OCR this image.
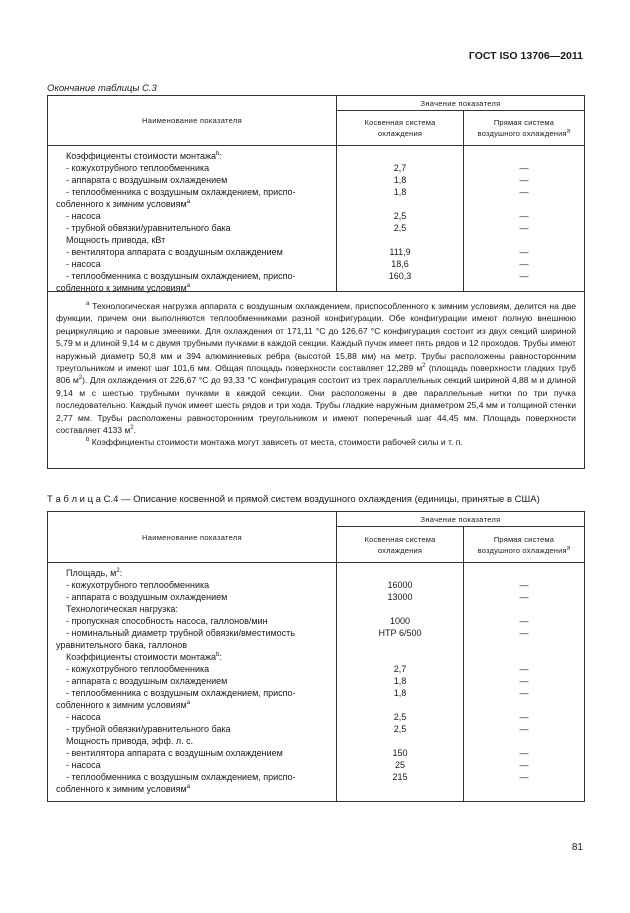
ГОСТ ISO 13706—2011
Окончание таблицы С.3
Наименование показателя
Значение показателя
Косвенная система
охлаждения
Прямая система
воздушного охлаждения$^a$
Коэффициенты стоимости монтажа$^b$:
- кожухотрубного теплообменника	2,7	—
- аппарата с воздушным охлаждением	1,8	—
- теплообменника с воздушным охлаждением, приспо-	1,8	—
собленного к зимним условиям$^a$
- насоса	2,5	—
- трубной обвязки/уравнительного бака	2,5	—
Мощность привода, кВт
- вентилятора аппарата с воздушным охлаждением	111,9	—
- насоса	18,6	—
- теплообменника с воздушным охлаждением, приспо-	160,3	—
собленного к зимним условиям$^a$

$^a$ Технологическая нагрузка аппарата с воздушным охлаждением, приспособленного к зимним условиям, делится на две функции, причем они выполняются теплообменниками разной конфигурации. Обе конфигурации имеют полную внешнюю рециркуляцию и паровые змеевики. Для охлаждения от 171,11 °C до 126,67 °C конфигурация состоит из двух секций шириной 5,79 м и длиной 9,14 м с двумя трубными пучками в каждой секции. Каждый пучок имеет пять рядов и 12 проходов. Трубы имеют наружный диаметр 50,8 мм и 394 алюминиевых ребра (высотой 15,88 мм) на метр. Трубы расположены равносторонним треугольником и имеют шаг 101,6 мм. Общая площадь поверхности составляет 12,289 $м^2$ (площадь поверхности гладких труб 806 $м^2$). Для охлаждения от 226,67 °C до 93,33 °C конфигурация состоит из трех параллельных секций шириной 4,88 м и длиной 9,14 м с шестью трубными пучками в каждой секции. Они расположены в две параллельные нитки по три пучка последовательно. Каждый пучок имеет шесть рядов и три хода. Трубы гладкие наружным диаметром 25,4 мм и толщиной стенки 2,77 мм. Трубы расположены равносторонним треугольником и имеют поперечный шаг 44,45 мм. Площадь поверхности составляет 4133 $м^2$.

$^b$ Коэффициенты стоимости монтажа могут зависеть от места, стоимости рабочей силы и т. п.

Т а б л и ц а С.4 — Описание косвенной и прямой систем воздушного охлаждения (единицы, принятые в США)
Наименование показателя
Значение показателя
Косвенная система
охлаждения
Прямая система
воздушного охлаждения$^a$
Площадь, $м^2$:
- кожухотрубного теплообменника	16000	—
- аппарата с воздушным охлаждением	13000	—
Технологическая нагрузка:
- пропускная способность насоса, галлонов/мин	1000	—
- номинальный диаметр трубной обвязки/вместимость	НТР 6/500	—
уравнительного бака, галлонов
Коэффициенты стоимости монтажа$^b$:
- кожухотрубного теплообменника	2,7	—
- аппарата с воздушным охлаждением	1,8	—
- теплообменника с воздушным охлаждением, приспо-	1,8	—
собленного к зимним условиям$^a$
- насоса	2,5	—
- трубной обвязки/уравнительного бака	2,5	—
Мощность привода, эфф. л. с.
- вентилятора аппарата с воздушным охлаждением	150	—
- насоса	25	—
- теплообменника с воздушным охлаждением, приспо-	215	—
собленного к зимним условиям$^a$
81
